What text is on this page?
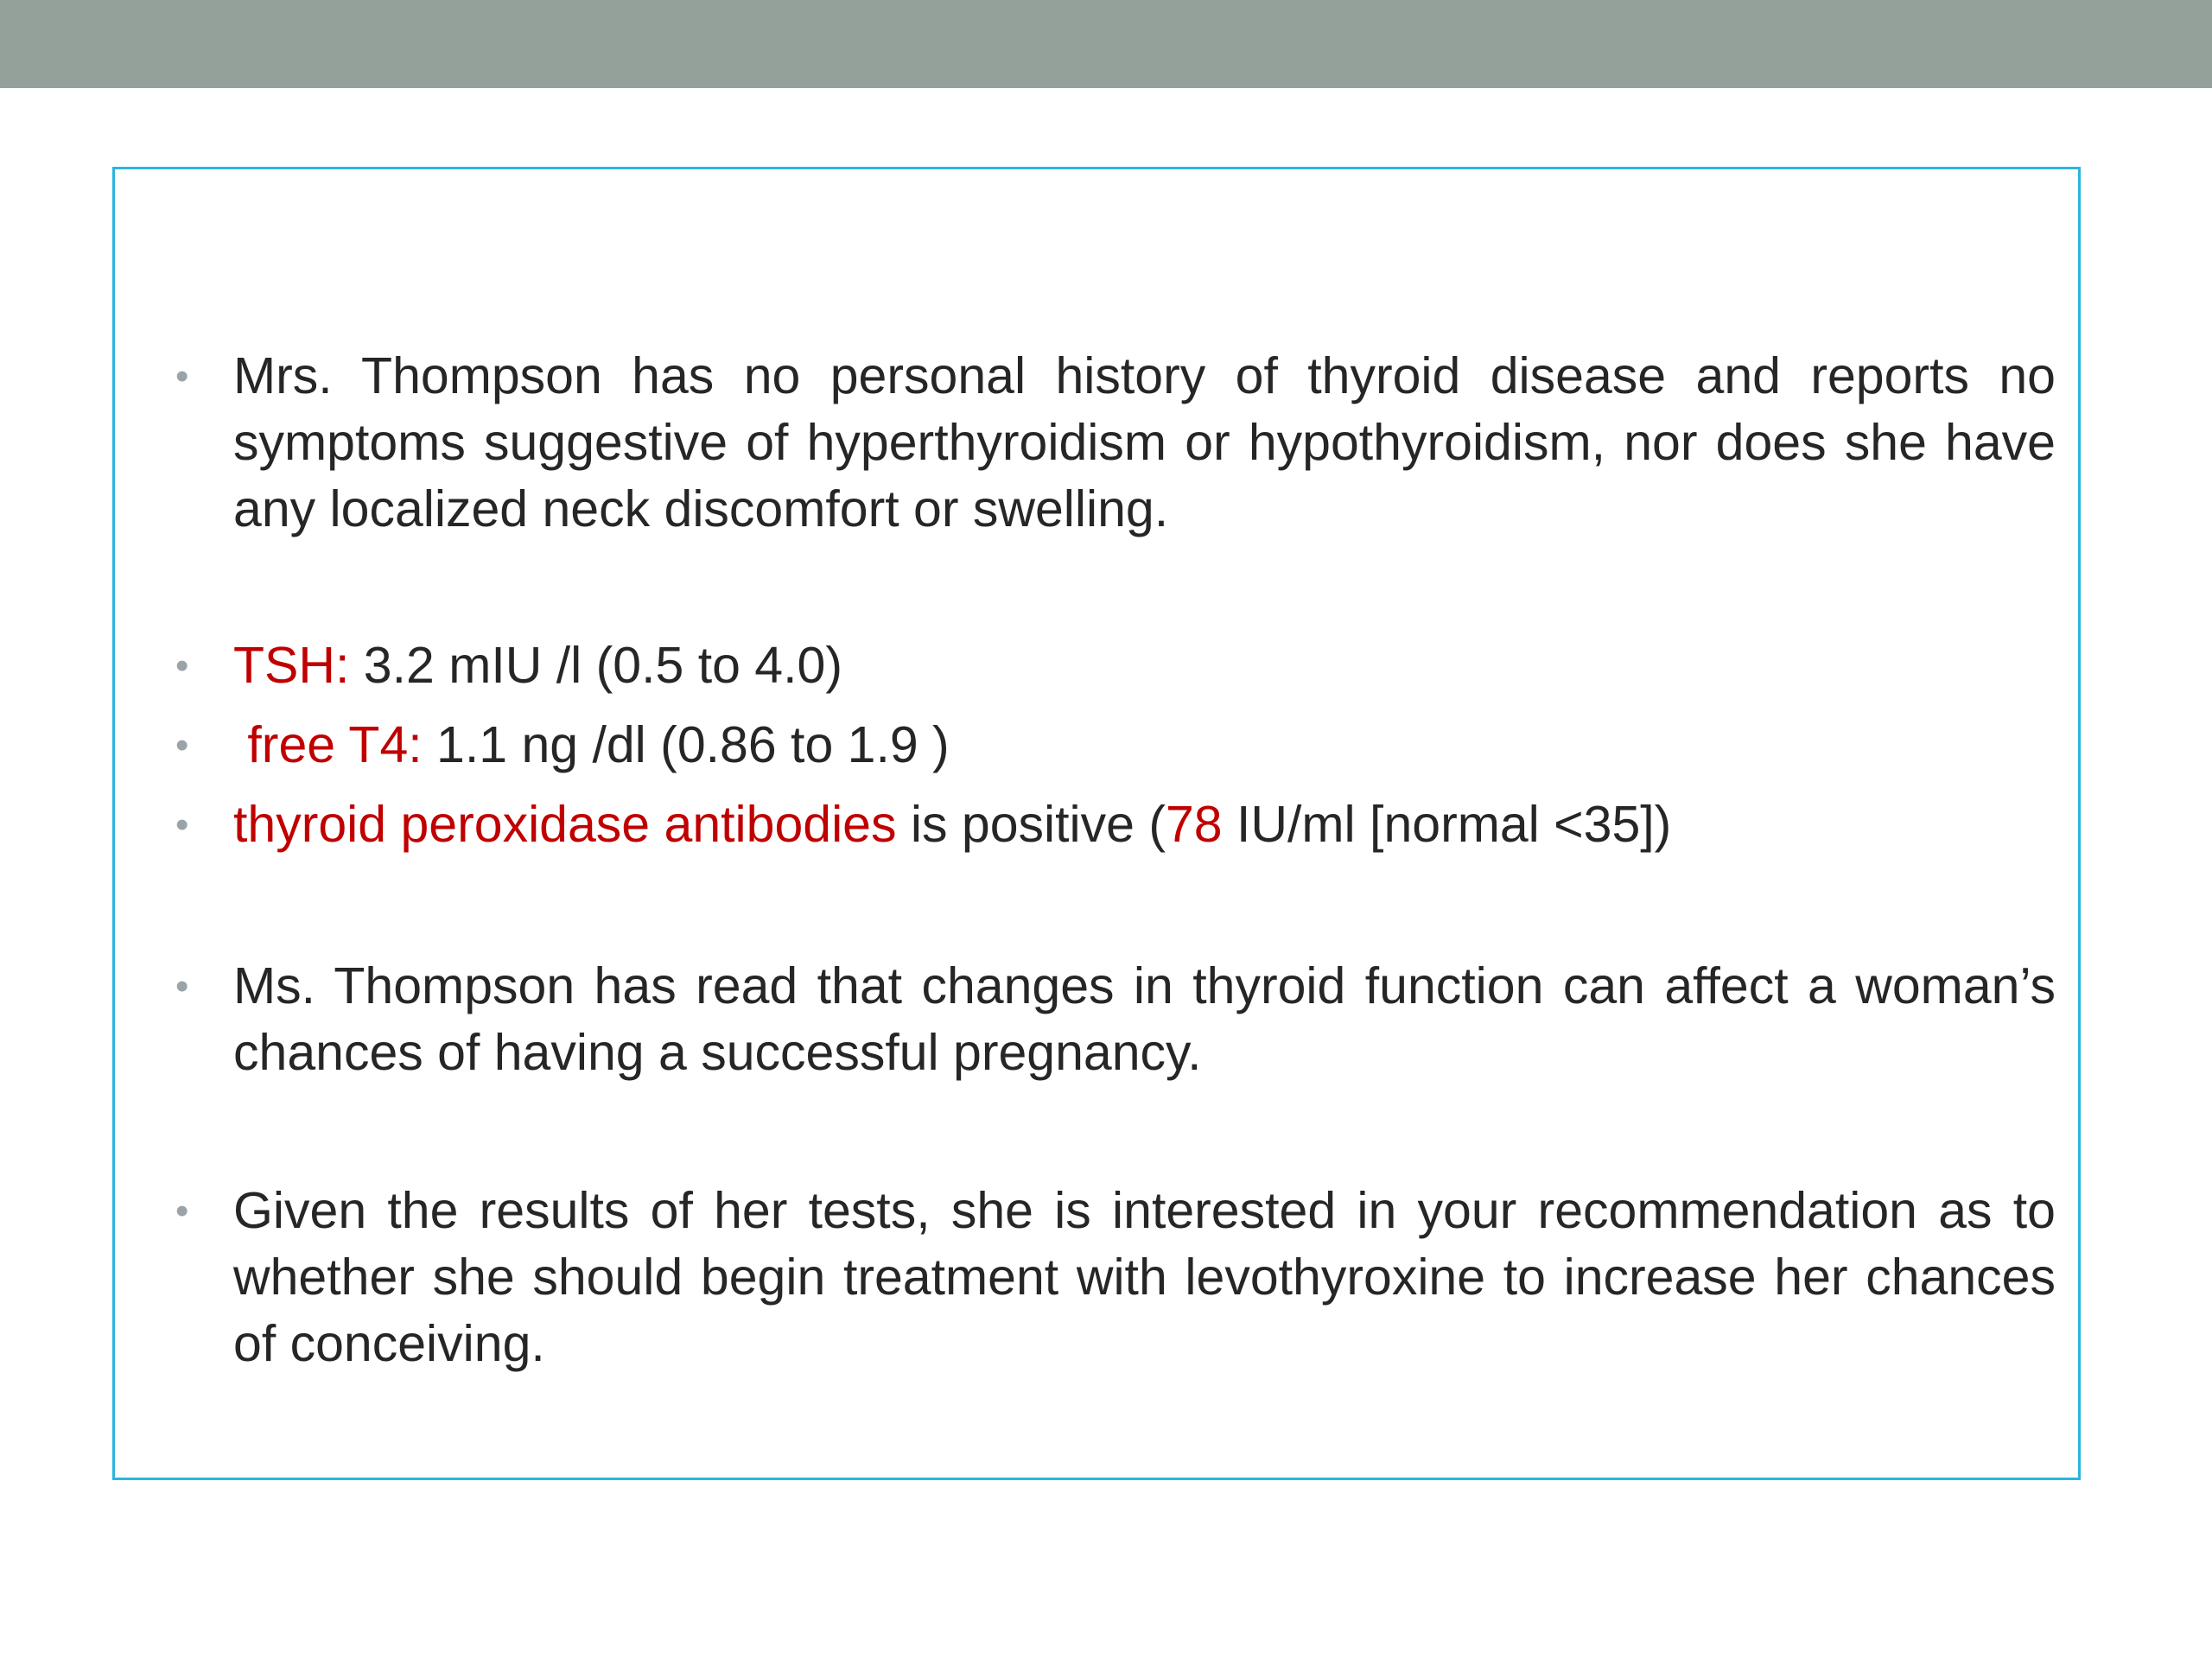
• Mrs. Thompson has no personal history of thyroid disease and reports no symptoms suggestive of hyperthyroidism or hypothyroidism, nor does she have any localized neck discomfort or swelling.
• TSH: 3.2 mIU /l (0.5 to 4.0)
• free T4: 1.1 ng /dl (0.86 to 1.9 )
• thyroid peroxidase antibodies is positive (78 IU/ml [normal <35])
• Ms. Thompson has read that changes in thyroid function can affect a woman’s chances of having a successful pregnancy.
• Given the results of her tests, she is interested in your recommendation as to whether she should begin treatment with levothyroxine to increase her chances of conceiving.
